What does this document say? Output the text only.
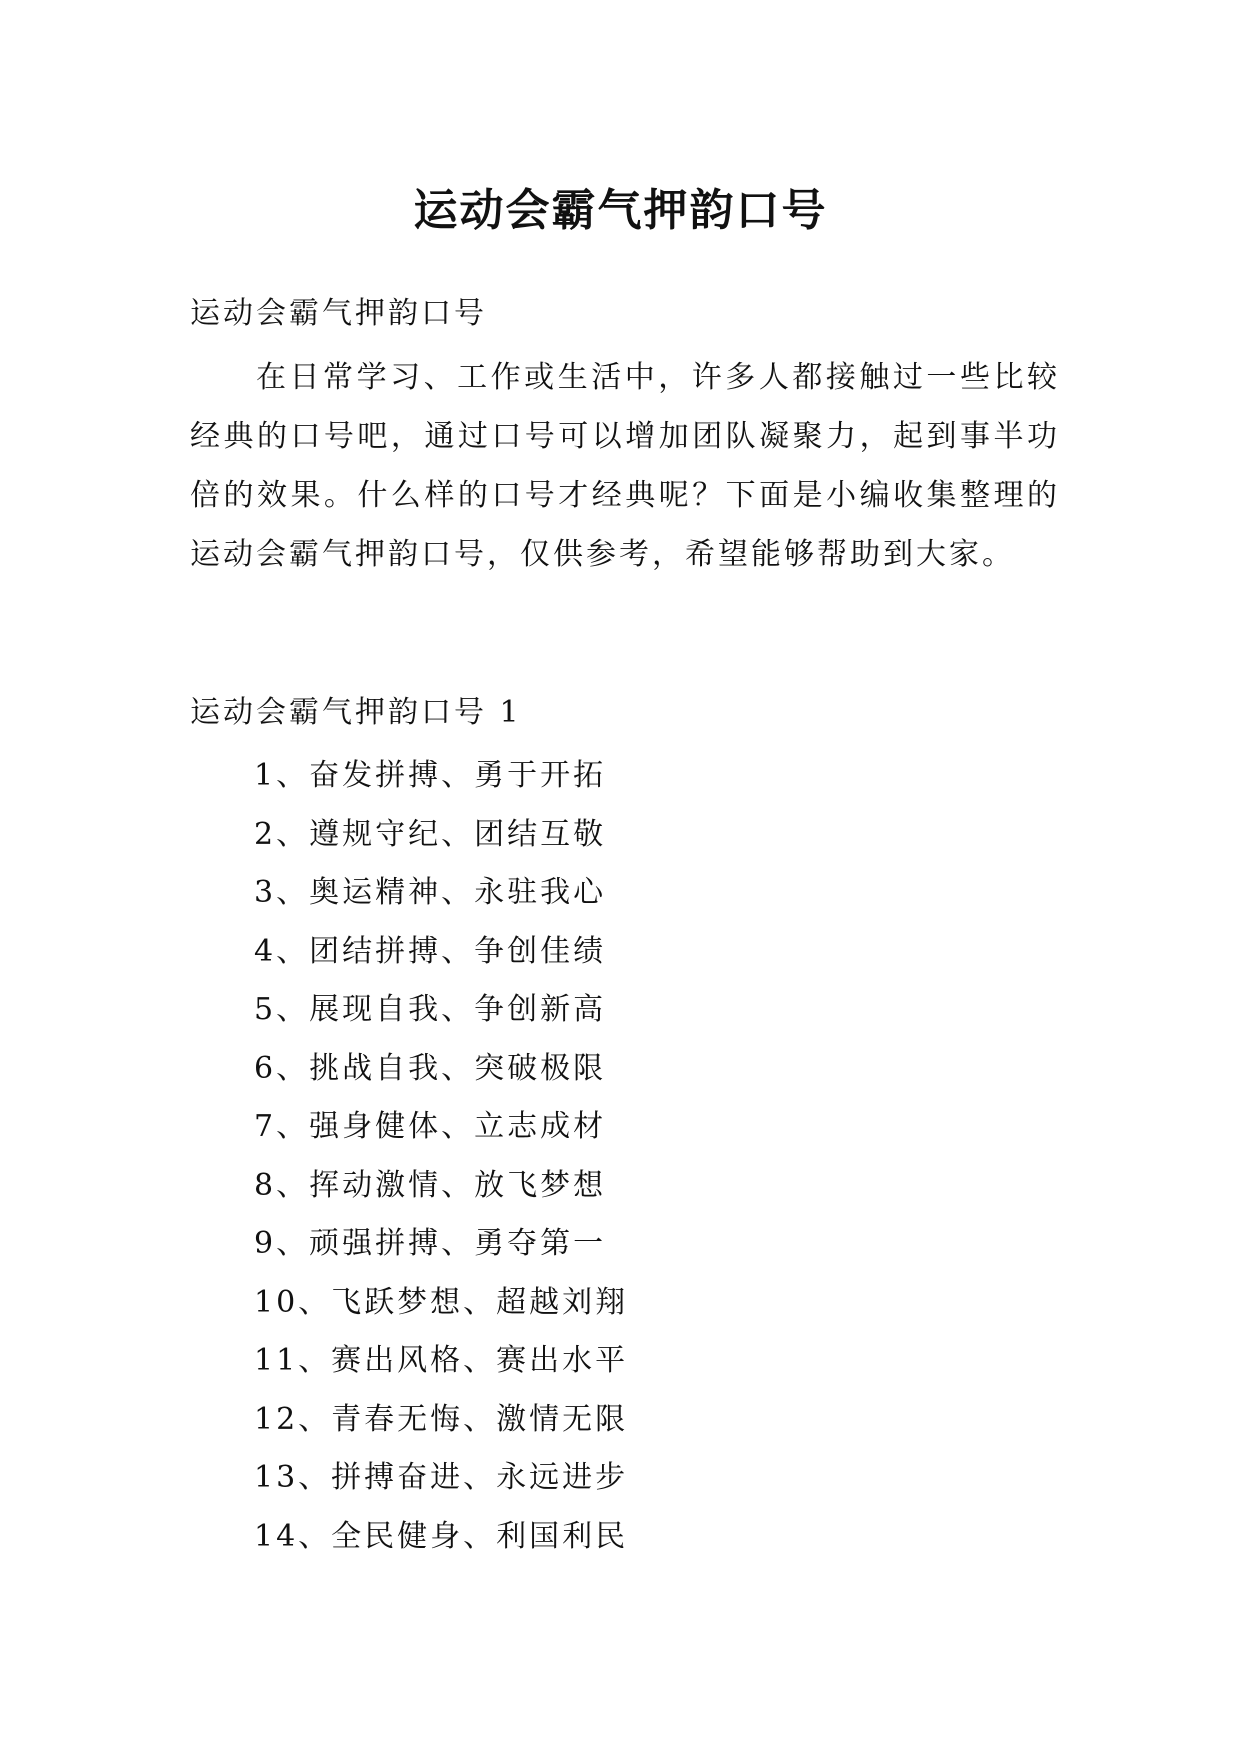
运动会霸气押韵口号

运动会霸气押韵口号

在日常学习、工作或生活中，许多人都接触过一些比较经典的口号吧，通过口号可以增加团队凝聚力，起到事半功倍的效果。什么样的口号才经典呢？下面是小编收集整理的运动会霸气押韵口号，仅供参考，希望能够帮助到大家。

运动会霸气押韵口号 1

1、奋发拼搏、勇于开拓
2、遵规守纪、团结互敬
3、奥运精神、永驻我心
4、团结拼搏、争创佳绩
5、展现自我、争创新高
6、挑战自我、突破极限
7、强身健体、立志成材
8、挥动激情、放飞梦想
9、顽强拼搏、勇夺第一
10、飞跃梦想、超越刘翔
11、赛出风格、赛出水平
12、青春无悔、激情无限
13、拼搏奋进、永远进步
14、全民健身、利国利民
